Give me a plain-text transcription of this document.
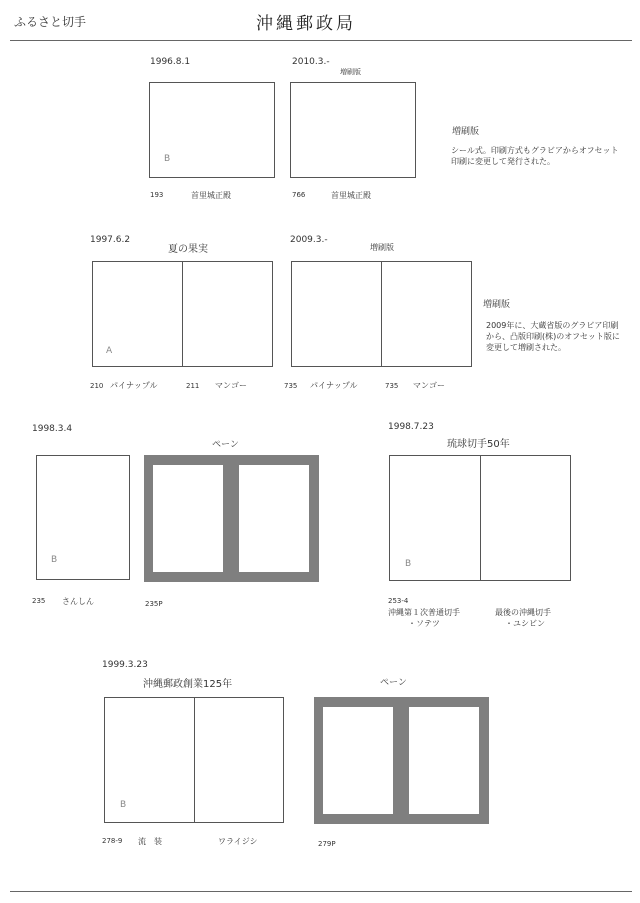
ふるさと切手	沖縄郵政局
1996.8.1	2010.3.-
増刷版
B
193	首里城正殿	766	首里城正殿
増刷版
シール式。印刷方式もグラビアからオフセット印刷に変更して発行された。
1997.6.2
夏の果実
2009.3.-
増刷版
A
210 パイナップル	211 マンゴー	735 パイナップル	735 マンゴー
増刷版
2009年に、大蔵省版のグラビア印刷から、凸版印刷(株)のオフセット版に変更して増刷された。
1998.3.4
ペーン
B
235 さんしん	235P
1998.7.23
琉球切手50年
B
253-4
沖縄第１次普通切手
・ソテツ
最後の沖縄切手
・ユシビン
1999.3.23
沖縄郵政創業125年	ペーン
B
278-9 流　装	ワライジシ	279P
